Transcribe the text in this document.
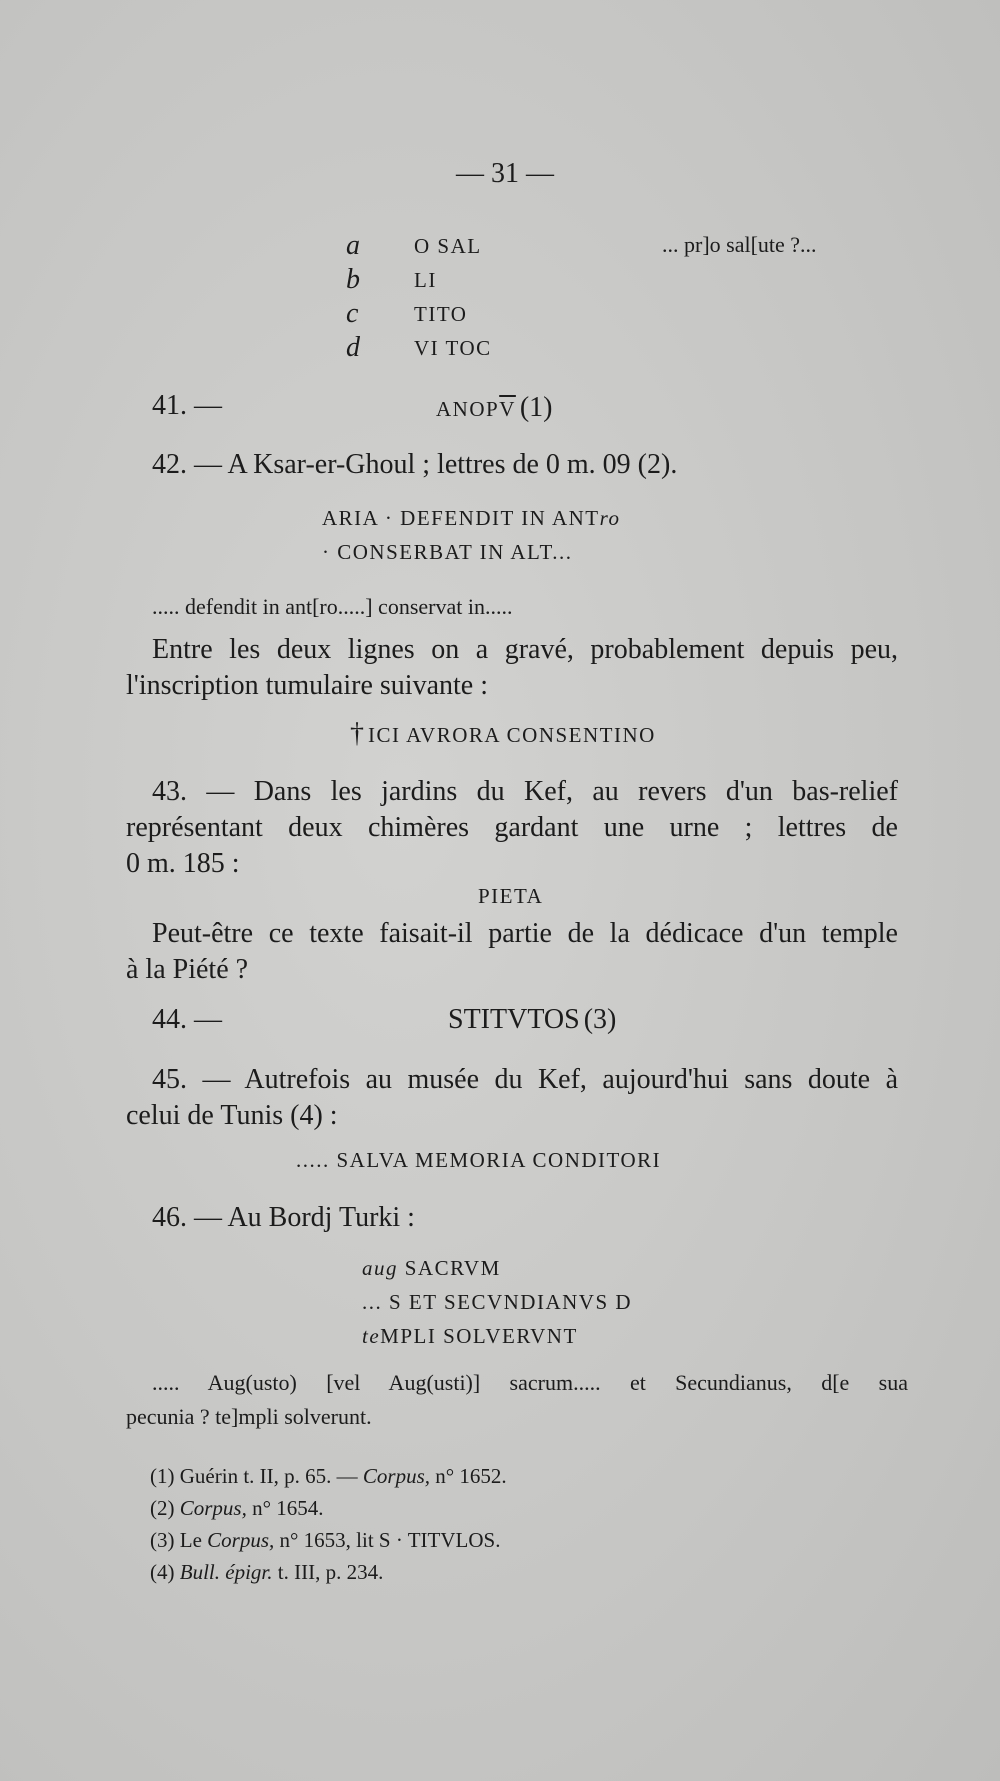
— 31 —
a	O SAL	... pr]o sal[ute ?...
b	LI
c	TITO
d	VI TOC
41. —	$ANOP\overline{V}$ (1)
42. — A Ksar-er-Ghoul ; lettres de 0 m. 09 (2).
ARIA · DEFENDIT IN ANTro
· CONSERBAT IN ALT...
..... defendit in ant[ro.....] conservat in.....
Entre les deux lignes on a gravé, probablement depuis peu,
l'inscription tumulaire suivante :
† ICI AVRORA CONSENTINO
43. — Dans les jardins du Kef, au revers d'un bas-relief
représentant deux chimères gardant une urne ; lettres de
0 m. 185 :
PIETA
Peut-être ce texte faisait-il partie de la dédicace d'un temple
à la Piété ?
44. —	STITVTOS (3)
45. — Autrefois au musée du Kef, aujourd'hui sans doute à
celui de Tunis (4) :
..... SALVA MEMORIA CONDITORI
46. — Au Bordj Turki :
aug SACRVM
... S ET SECVNDIANVS D
teMPLI SOLVERVNT
..... Aug(usto) [vel Aug(usti)] sacrum..... et Secundianus, d[e sua
pecunia ? te]mpli solverunt.
(1) Guérin t. II, p. 65. — Corpus, n° 1652.
(2) Corpus, n° 1654.
(3) Le Corpus, n° 1653, lit S · TITVLOS.
(4) Bull. épigr. t. III, p. 234.
